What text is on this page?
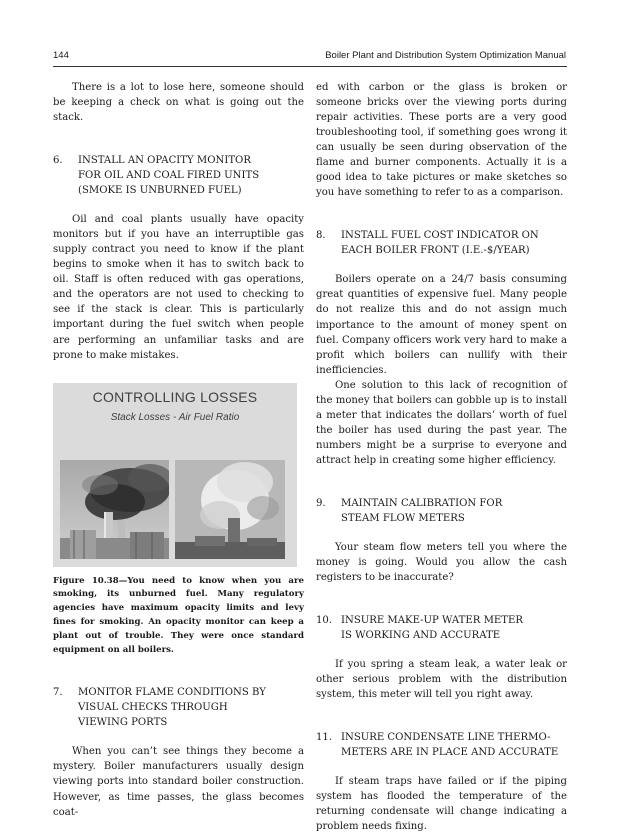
144	Boiler Plant and Distribution System Optimization Manual

There is a lot to lose here, someone should be keeping a check on what is going out the stack.

6.	INSTALL AN OPACITY MONITOR
FOR OIL AND COAL FIRED UNITS
(SMOKE IS UNBURNED FUEL)

Oil and coal plants usually have opacity monitors but if you have an interruptible gas supply contract you need to know if the plant begins to smoke when it has to switch back to oil. Staff is often reduced with gas operations, and the operators are not used to checking to see if the stack is clear. This is particularly important during the fuel switch when people are performing an unfamiliar tasks and are prone to make mistakes.

CONTROLLING LOSSES
Stack Losses - Air Fuel Ratio
Figure 10.38—You need to know when you are smoking, its unburned fuel. Many regulatory agencies have maximum opacity limits and levy fines for smoking. An opacity monitor can keep a plant out of trouble. They were once standard equipment on all boilers.
7.	MONITOR FLAME CONDITIONS BY
VISUAL CHECKS THROUGH
VIEWING PORTS

When you can’t see things they become a mystery. Boiler manufacturers usually design viewing ports into standard boiler construction. However, as time passes, the glass becomes coat-

ed with carbon or the glass is broken or someone bricks over the viewing ports during repair activities. These ports are a very good troubleshooting tool, if something goes wrong it can usually be seen during observation of the flame and burner components. Actually it is a good idea to take pictures or make sketches so you have something to refer to as a comparison.

8.	INSTALL FUEL COST INDICATOR ON
EACH BOILER FRONT (I.E.-$/YEAR)

Boilers operate on a 24/7 basis consuming great quantities of expensive fuel. Many people do not realize this and do not assign much importance to the amount of money spent on fuel. Company officers work very hard to make a profit which boilers can nullify with their inefficiencies.

One solution to this lack of recognition of the money that boilers can gobble up is to install a meter that indicates the dollars’ worth of fuel the boiler has used during the past year. The numbers might be a surprise to everyone and attract help in creating some higher efficiency.

9.	MAINTAIN CALIBRATION FOR
STEAM FLOW METERS

Your steam flow meters tell you where the money is going. Would you allow the cash registers to be inaccurate?

10. INSURE MAKE-UP WATER METER
IS WORKING AND ACCURATE

If you spring a steam leak, a water leak or other serious problem with the distribution system, this meter will tell you right away.

11. INSURE CONDENSATE LINE THERMO-
METERS ARE IN PLACE AND ACCURATE

If steam traps have failed or if the piping system has flooded the temperature of the returning condensate will change indicating a problem needs fixing.
